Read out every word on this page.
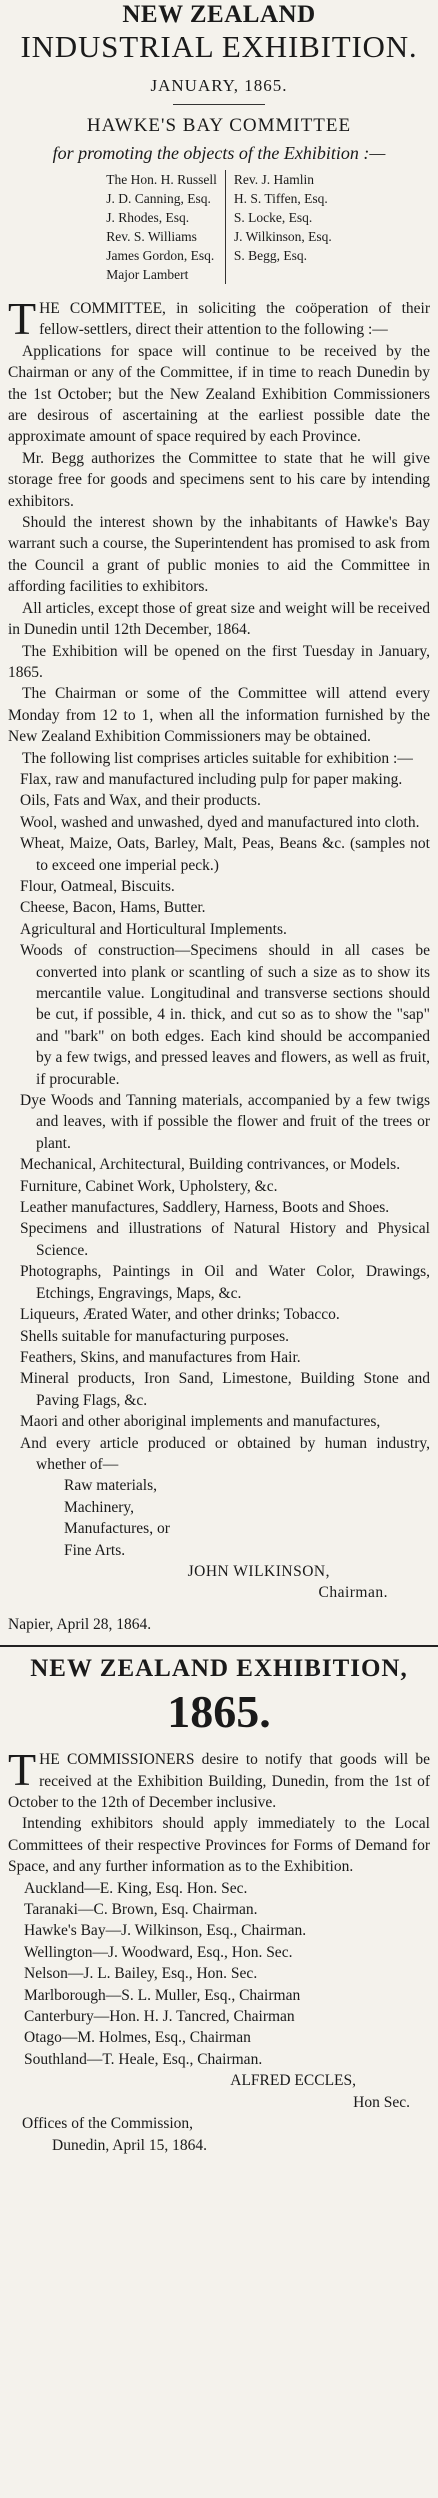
NEW ZEALAND
INDUSTRIAL EXHIBITION.
JANUARY, 1865.
HAWKE'S BAY COMMITTEE
for promoting the objects of the Exhibition :—
The Hon. H. Russell
J. D. Canning, Esq.
J. Rhodes, Esq.
Rev. S. Williams
James Gordon, Esq.
Major Lambert
Rev. J. Hamlin
H. S. Tiffen, Esq.
S. Locke, Esq.
J. Wilkinson, Esq.
S. Begg, Esq.

THE COMMITTEE, in soliciting the coöperation of their fellow-settlers, direct their attention to the following :—

Applications for space will continue to be received by the Chairman or any of the Committee, if in time to reach Dunedin by the 1st October; but the New Zealand Exhibition Commissioners are desirous of ascertaining at the earliest possible date the approximate amount of space required by each Province.

Mr. Begg authorizes the Committee to state that he will give storage free for goods and specimens sent to his care by intending exhibitors.

Should the interest shown by the inhabitants of Hawke's Bay warrant such a course, the Superintendent has promised to ask from the Council a grant of public monies to aid the Committee in affording facilities to exhibitors.

All articles, except those of great size and weight will be received in Dunedin until 12th December, 1864.

The Exhibition will be opened on the first Tuesday in January, 1865.

The Chairman or some of the Committee will attend every Monday from 12 to 1, when all the information furnished by the New Zealand Exhibition Commissioners may be obtained.

The following list comprises articles suitable for exhibition :—

Flax, raw and manufactured including pulp for paper making.
Oils, Fats and Wax, and their products.
Wool, washed and unwashed, dyed and manufactured into cloth.
Wheat, Maize, Oats, Barley, Malt, Peas, Beans &c. (samples not to exceed one imperial peck.)
Flour, Oatmeal, Biscuits.
Cheese, Bacon, Hams, Butter.
Agricultural and Horticultural Implements.
Woods of construction—Specimens should in all cases be converted into plank or scantling of such a size as to show its mercantile value. Longitudinal and transverse sections should be cut, if possible, 4 in. thick, and cut so as to show the "sap" and "bark" on both edges. Each kind should be accompanied by a few twigs, and pressed leaves and flowers, as well as fruit, if procurable.
Dye Woods and Tanning materials, accompanied by a few twigs and leaves, with if possible the flower and fruit of the trees or plant.
Mechanical, Architectural, Building contrivances, or Models.
Furniture, Cabinet Work, Upholstery, &c.
Leather manufactures, Saddlery, Harness, Boots and Shoes.
Specimens and illustrations of Natural History and Physical Science.
Photographs, Paintings in Oil and Water Color, Drawings, Etchings, Engravings, Maps, &c.
Liqueurs, Ærated Water, and other drinks; Tobacco.
Shells suitable for manufacturing purposes.
Feathers, Skins, and manufactures from Hair.
Mineral products, Iron Sand, Limestone, Building Stone and Paving Flags, &c.
Maori and other aboriginal implements and manufactures,
And every article produced or obtained by human industry, whether of—
Raw materials,
Machinery,
Manufactures, or
Fine Arts.
JOHN WILKINSON,
Chairman.
Napier, April 28, 1864.
NEW ZEALAND EXHIBITION,
1865.

THE COMMISSIONERS desire to notify that goods will be received at the Exhibition Building, Dunedin, from the 1st of October to the 12th of December inclusive.

Intending exhibitors should apply immediately to the Local Committees of their respective Provinces for Forms of Demand for Space, and any further information as to the Exhibition.

Auckland—E. King, Esq. Hon. Sec.
Taranaki—C. Brown, Esq. Chairman.
Hawke's Bay—J. Wilkinson, Esq., Chairman.
Wellington—J. Woodward, Esq., Hon. Sec.
Nelson—J. L. Bailey, Esq., Hon. Sec.
Marlborough—S. L. Muller, Esq., Chairman
Canterbury—Hon. H. J. Tancred, Chairman
Otago—M. Holmes, Esq., Chairman
Southland—T. Heale, Esq., Chairman.
ALFRED ECCLES,
Hon Sec.
Offices of the Commission,
Dunedin, April 15, 1864.
